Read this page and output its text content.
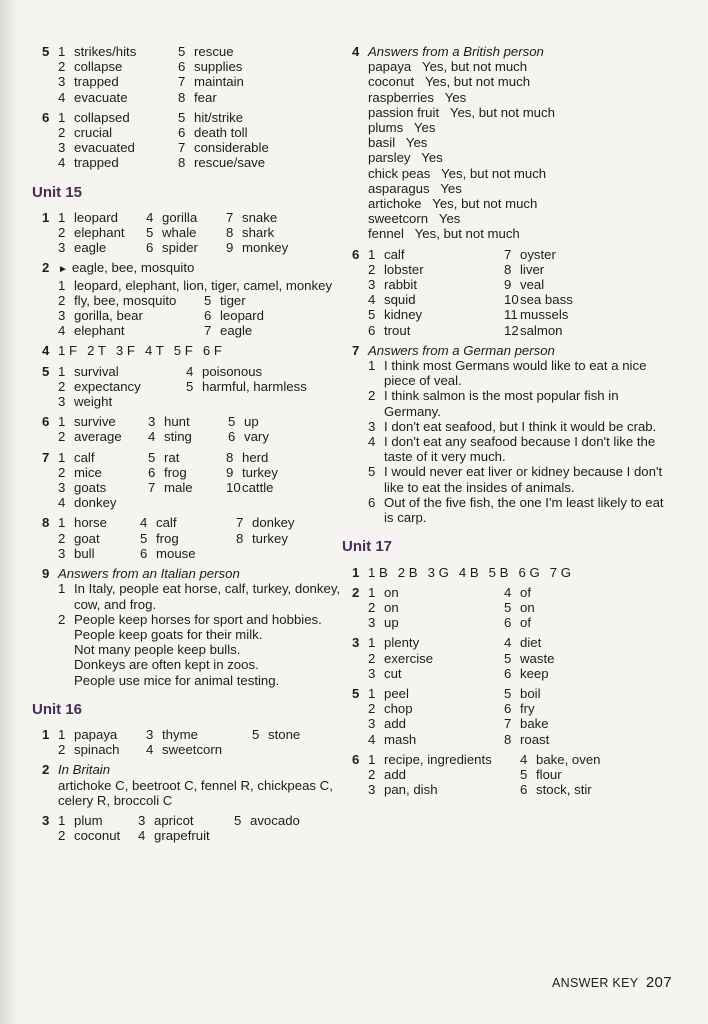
5 1 strikes/hits	5 rescue
2 collapse	6 supplies
3 trapped	7 maintain
4 evacuate	8 fear
6 1 collapsed	5 hit/strike
2 crucial	6 death toll
3 evacuated	7 considerable
4 trapped	8 rescue/save
Unit 15
1 1 leopard 4 gorilla 7 snake
2 elephant 5 whale 8 shark
3 eagle	6 spider 9 monkey
2 ► eagle, bee, mosquito
1 leopard, elephant, lion, tiger, camel, monkey
2 fly, bee, mosquito 5 tiger
3 gorilla, bear	6 leopard
4 elephant	7 eagle
4 1 F 2 T 3 F 4 T 5 F 6 F
5 1 survival	4 poisonous
2 expectancy	5 harmful, harmless
3 weight
6 1 survive 3 hunt	5 up
2 average 4 sting	6 vary
7 1 calf	5 rat	8 herd
2 mice	6 frog	9 turkey
3 goats	7 male	10 cattle
4 donkey
8 1 horse	4 calf	7 donkey
2 goat	5 frog	8 turkey
3 bull	6 mouse
9 Answers from an Italian person
1 In Italy, people eat horse, calf, turkey, donkey, cow, and frog.
2 People keep horses for sport and hobbies.
People keep goats for their milk.
Not many people keep bulls.
Donkeys are often kept in zoos.
People use mice for animal testing.
Unit 16
1 1 papaya 3 thyme	5 stone
2 spinach 4 sweetcorn
2 In Britain
artichoke C, beetroot C, fennel R, chickpeas C, celery R, broccoli C
3 1 plum	3 apricot	5 avocado
2 coconut 4 grapefruit
4 Answers from a British person
papaya   Yes, but not much
coconut   Yes, but not much
raspberries   Yes
passion fruit   Yes, but not much
plums   Yes
basil   Yes
parsley   Yes
chick peas   Yes, but not much
asparagus   Yes
artichoke   Yes, but not much
sweetcorn   Yes
fennel   Yes, but not much
6 1 calf	7 oyster
2 lobster	8 liver
3 rabbit	9 veal
4 squid	10 sea bass
5 kidney	11 mussels
6 trout	12 salmon
7 Answers from a German person
1 I think most Germans would like to eat a nice piece of veal.
2 I think salmon is the most popular fish in Germany.
3 I don't eat seafood, but I think it would be crab.
4 I don't eat any seafood because I don't like the taste of it very much.
5 I would never eat liver or kidney because I don't like to eat the insides of animals.
6 Out of the five fish, the one I'm least likely to eat is carp.
Unit 17
1 1 B 2 B 3 G 4 B 5 B 6 G 7 G
2 1 on	4 of
2 on	5 on
3 up	6 of
3 1 plenty	4 diet
2 exercise	5 waste
3 cut	6 keep
5 1 peel	5 boil
2 chop	6 fry
3 add	7 bake
4 mash	8 roast
6 1 recipe, ingredients 4 bake, oven
2 add	5 flour
3 pan, dish	6 stock, stir
ANSWER KEY 207
